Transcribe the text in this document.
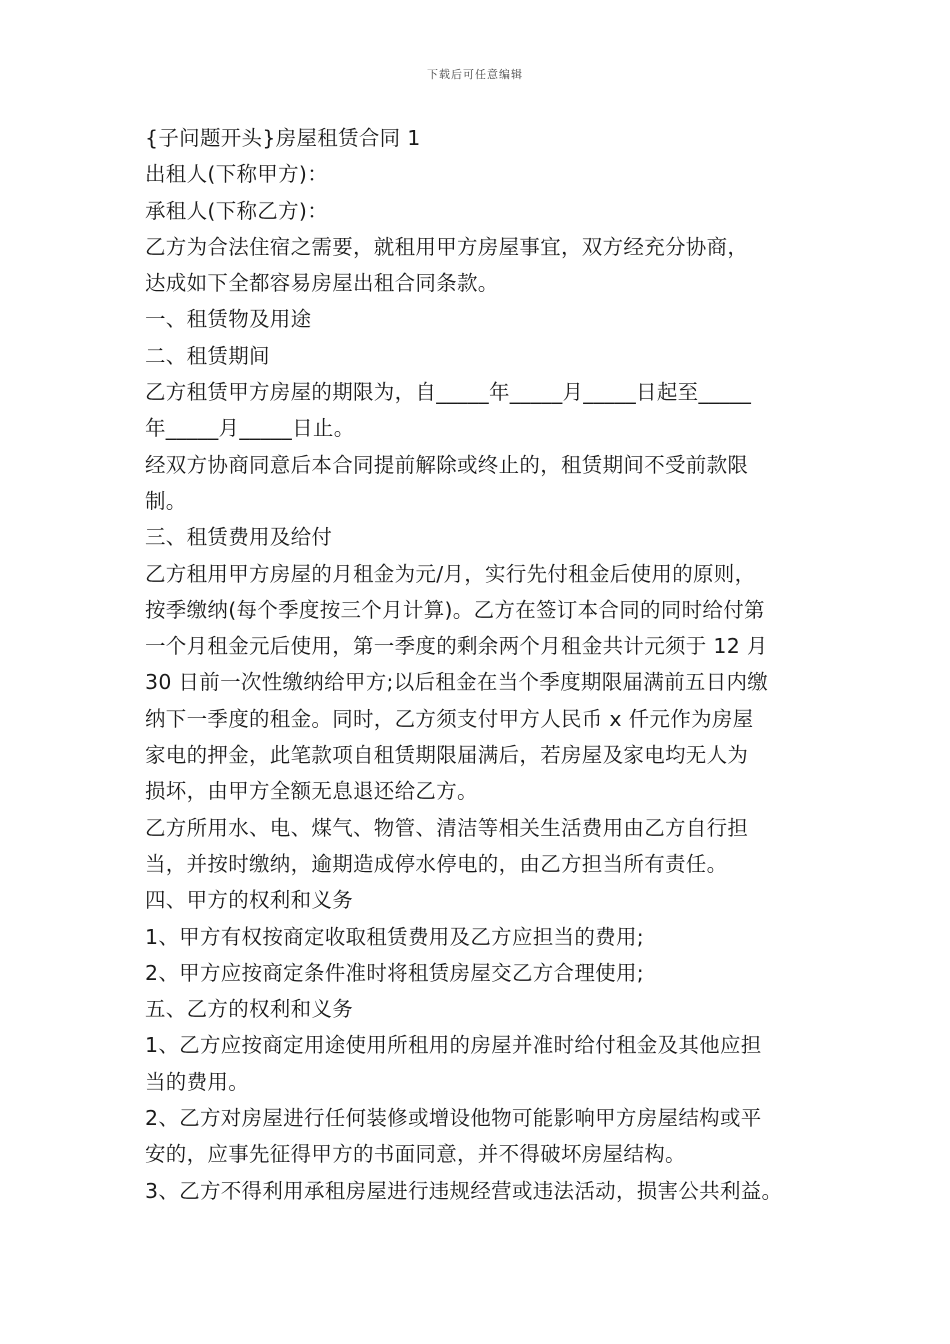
下载后可任意编辑
{子问题开头}房屋租赁合同 1
出租人(下称甲方)：
承租人(下称乙方)：
乙方为合法住宿之需要，就租用甲方房屋事宜，双方经充分协商，
达成如下全都容易房屋出租合同条款。
一、租赁物及用途
二、租赁期间
乙方租赁甲方房屋的期限为，自_____年_____月_____日起至_____
年_____月_____日止。
经双方协商同意后本合同提前解除或终止的，租赁期间不受前款限
制。
三、租赁费用及给付
乙方租用甲方房屋的月租金为元/月，实行先付租金后使用的原则，
按季缴纳(每个季度按三个月计算)。乙方在签订本合同的同时给付第
一个月租金元后使用，第一季度的剩余两个月租金共计元须于 12 月
30 日前一次性缴纳给甲方;以后租金在当个季度期限届满前五日内缴
纳下一季度的租金。同时，乙方须支付甲方人民币 x 仟元作为房屋
家电的押金，此笔款项自租赁期限届满后，若房屋及家电均无人为
损坏，由甲方全额无息退还给乙方。
乙方所用水、电、煤气、物管、清洁等相关生活费用由乙方自行担
当，并按时缴纳，逾期造成停水停电的，由乙方担当所有责任。
四、甲方的权利和义务
1、甲方有权按商定收取租赁费用及乙方应担当的费用;
2、甲方应按商定条件准时将租赁房屋交乙方合理使用;
五、乙方的权利和义务
1、乙方应按商定用途使用所租用的房屋并准时给付租金及其他应担
当的费用。
2、乙方对房屋进行任何装修或增设他物可能影响甲方房屋结构或平
安的，应事先征得甲方的书面同意，并不得破坏房屋结构。
3、乙方不得利用承租房屋进行违规经营或违法活动，损害公共利益。
